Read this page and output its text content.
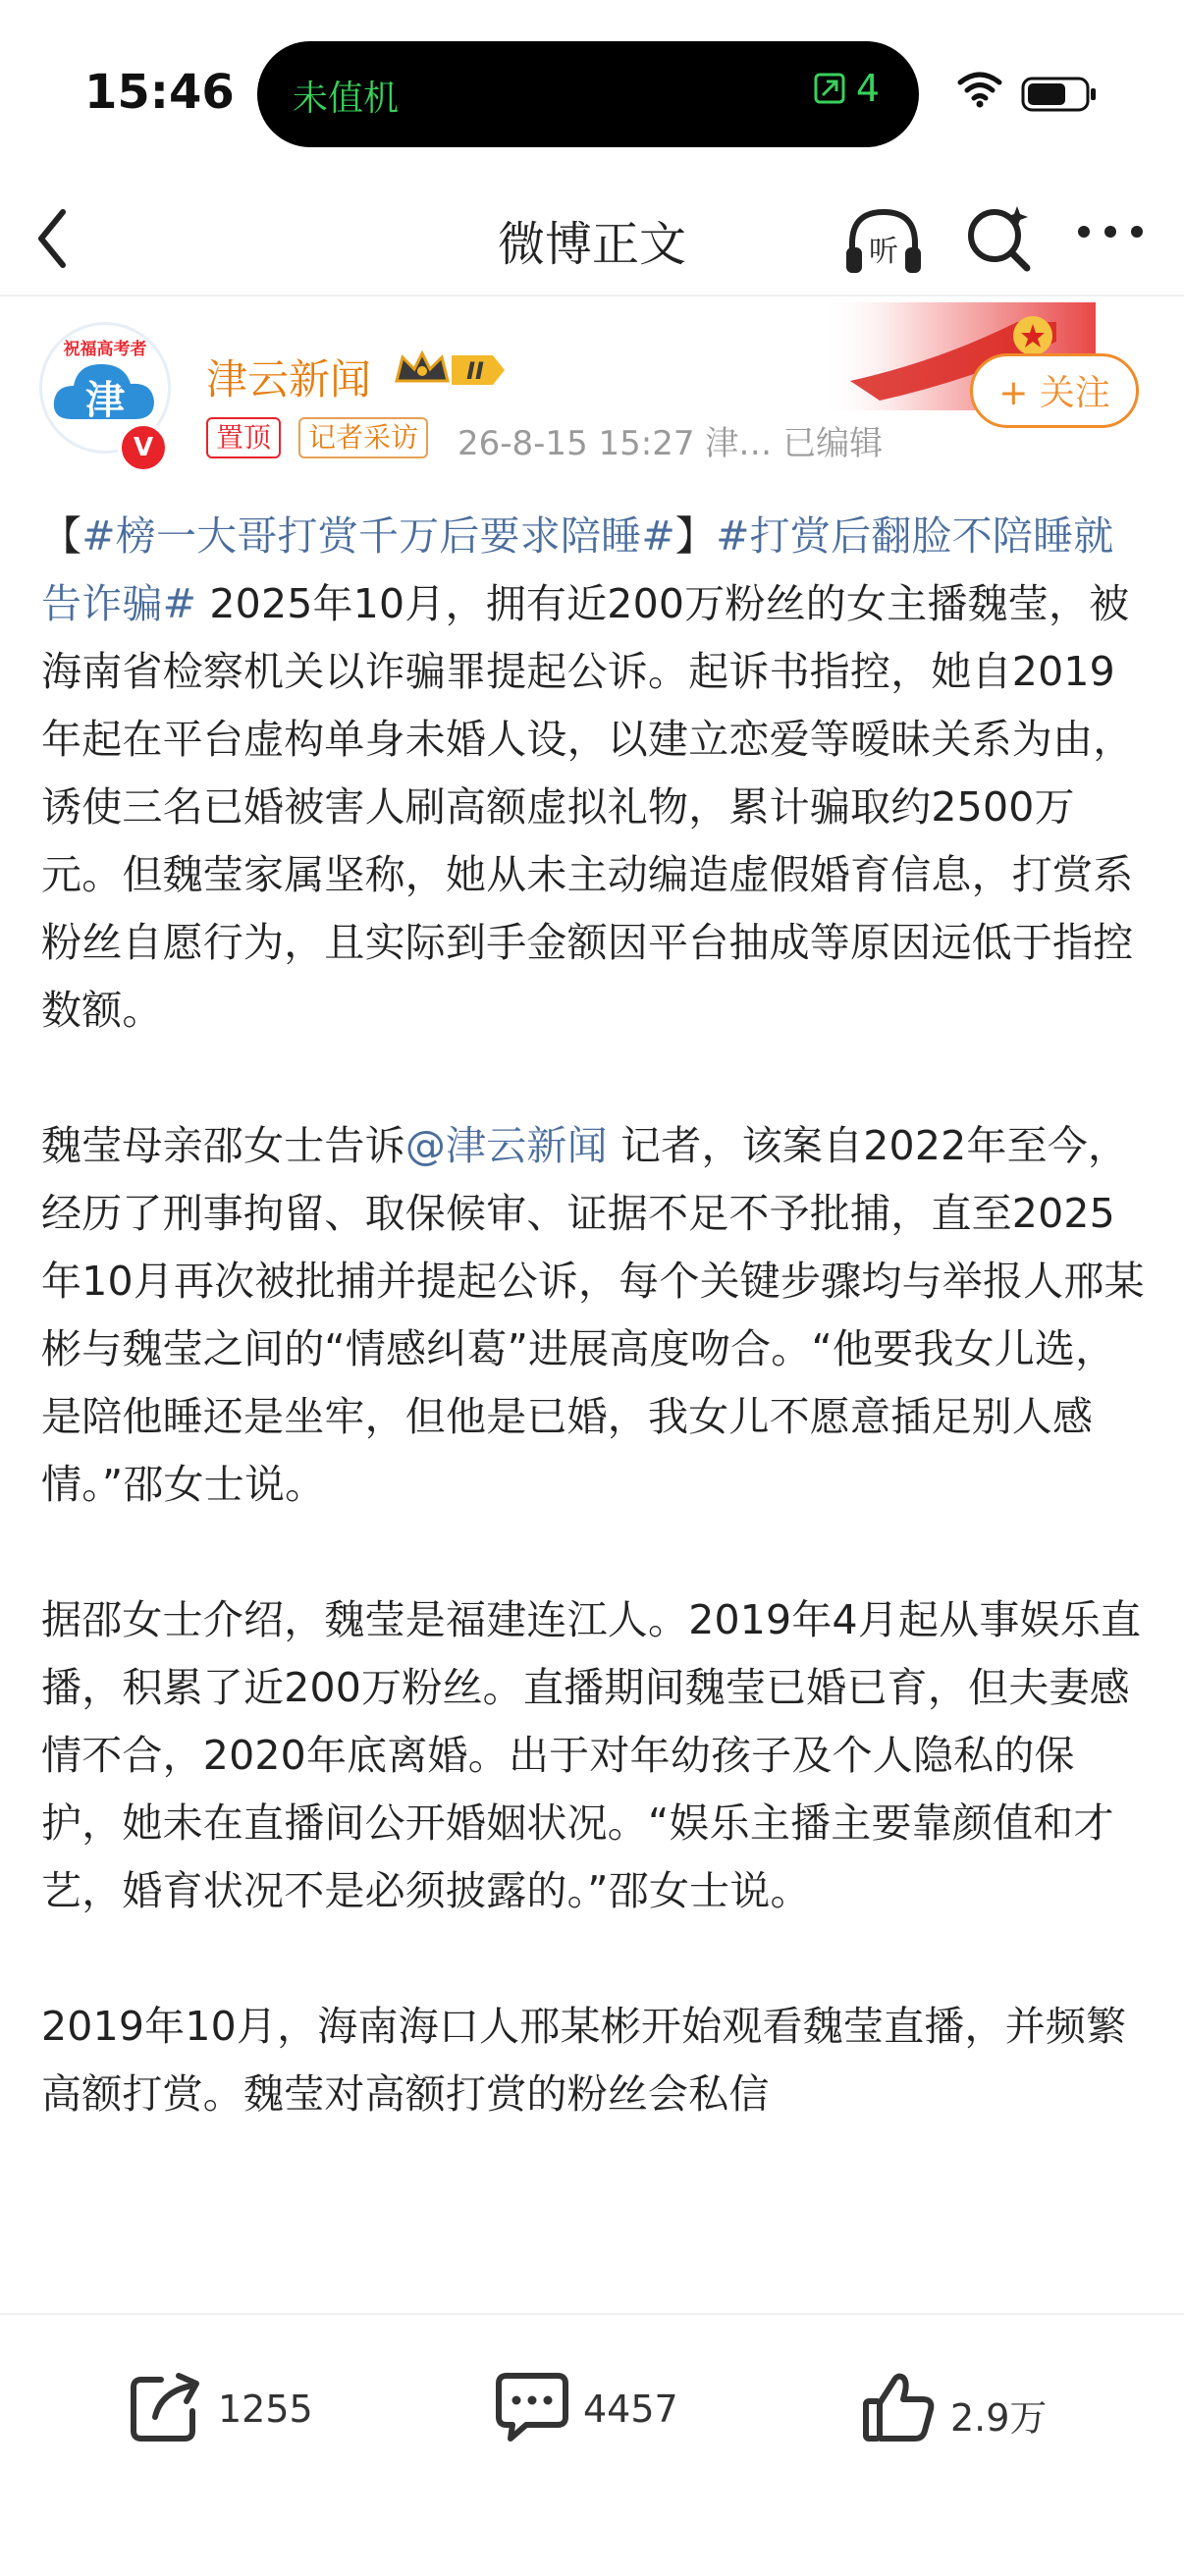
15:46 未值机	4
微博正文	听
津
祝福高考者
V
津云新闻	II
置顶	记者采访 26-8-15 15:27 津… 已编辑
+ 关注

【#榜一大哥打赏千万后要求陪睡#】#打赏后翻脸不陪睡就告诈骗# 2025年10月，拥有近200万粉丝的女主播魏莹，被海南省检察机关以诈骗罪提起公诉。起诉书指控，她自2019年起在平台虚构单身未婚人设，以建立恋爱等暧昧关系为由，诱使三名已婚被害人刷高额虚拟礼物，累计骗取约2500万元。但魏莹家属坚称，她从未主动编造虚假婚育信息，打赏系粉丝自愿行为，且实际到手金额因平台抽成等原因远低于指控数额。

魏莹母亲邵女士告诉@津云新闻 记者，该案自2022年至今，经历了刑事拘留、取保候审、证据不足不予批捕，直至2025年10月再次被批捕并提起公诉，每个关键步骤均与举报人邢某彬与魏莹之间的“情感纠葛”进展高度吻合。“他要我女儿选，是陪他睡还是坐牢，但他是已婚，我女儿不愿意插足别人感情。”邵女士说。

据邵女士介绍，魏莹是福建连江人。2019年4月起从事娱乐直播，积累了近200万粉丝。直播期间魏莹已婚已育，但夫妻感情不合，2020年底离婚。出于对年幼孩子及个人隐私的保护，她未在直播间公开婚姻状况。“娱乐主播主要靠颜值和才艺，婚育状况不是必须披露的。”邵女士说。

2019年10月，海南海口人邢某彬开始观看魏莹直播，并频繁高额打赏。魏莹对高额打赏的粉丝会私信

1255	4457	2.9万
